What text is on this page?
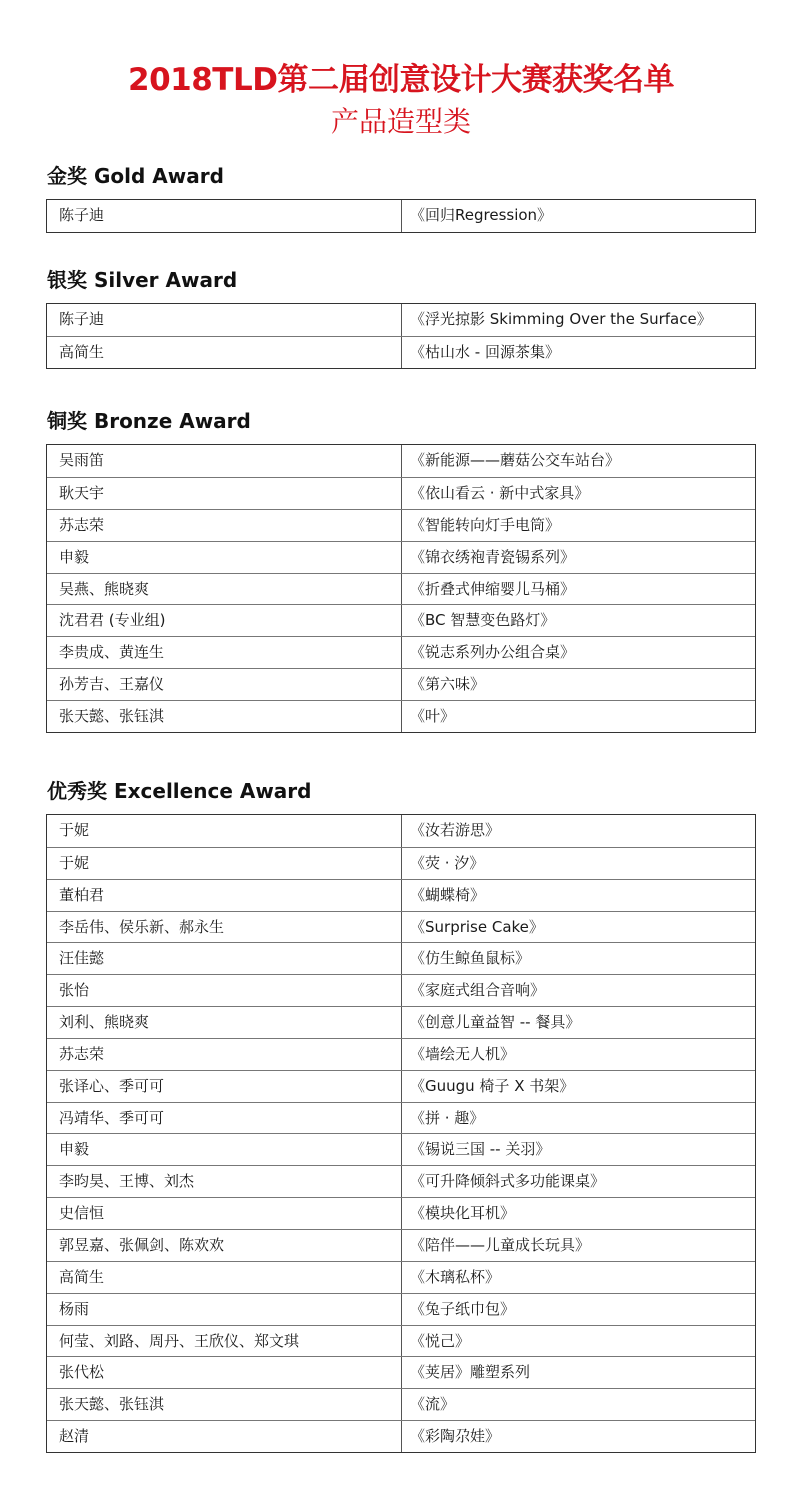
2018TLD第二届创意设计大赛获奖名单
产品造型类
金奖 Gold Award
陈子迪	《回归Regression》
银奖 Silver Award
陈子迪	《浮光掠影 Skimming Over the Surface》
高简生	《枯山水 - 回源茶集》
铜奖 Bronze Award
吴雨笛	《新能源——蘑菇公交车站台》
耿天宇	《依山看云 · 新中式家具》
苏志荣	《智能转向灯手电筒》
申毅	《锦衣绣袍青瓷锡系列》
吴燕、熊晓爽	《折叠式伸缩婴儿马桶》
沈君君 (专业组)	《BC 智慧变色路灯》
李贵成、黄连生	《锐志系列办公组合桌》
孙芳吉、王嘉仪	《第六味》
张天懿、张钰淇	《叶》
优秀奖 Excellence Award
于妮	《汝若游思》
于妮	《荧 · 汐》
董柏君	《蝴蝶椅》
李岳伟、侯乐新、郝永生	《Surprise Cake》
汪佳懿	《仿生鲸鱼鼠标》
张怡	《家庭式组合音响》
刘利、熊晓爽	《创意儿童益智 -- 餐具》
苏志荣	《墙绘无人机》
张译心、季可可	《Guugu 椅子 X 书架》
冯靖华、季可可	《拼 · 趣》
申毅	《锡说三国 -- 关羽》
李昀昊、王博、刘杰	《可升降倾斜式多功能课桌》
史信恒	《模块化耳机》
郭昱嘉、张佩剑、陈欢欢	《陪伴——儿童成长玩具》
高简生	《木璃私杯》
杨雨	《兔子纸巾包》
何莹、刘路、周丹、王欣仪、郑文琪	《悦己》
张代松	《荚居》雕塑系列
张天懿、张钰淇	《流》
赵清	《彩陶尕娃》
